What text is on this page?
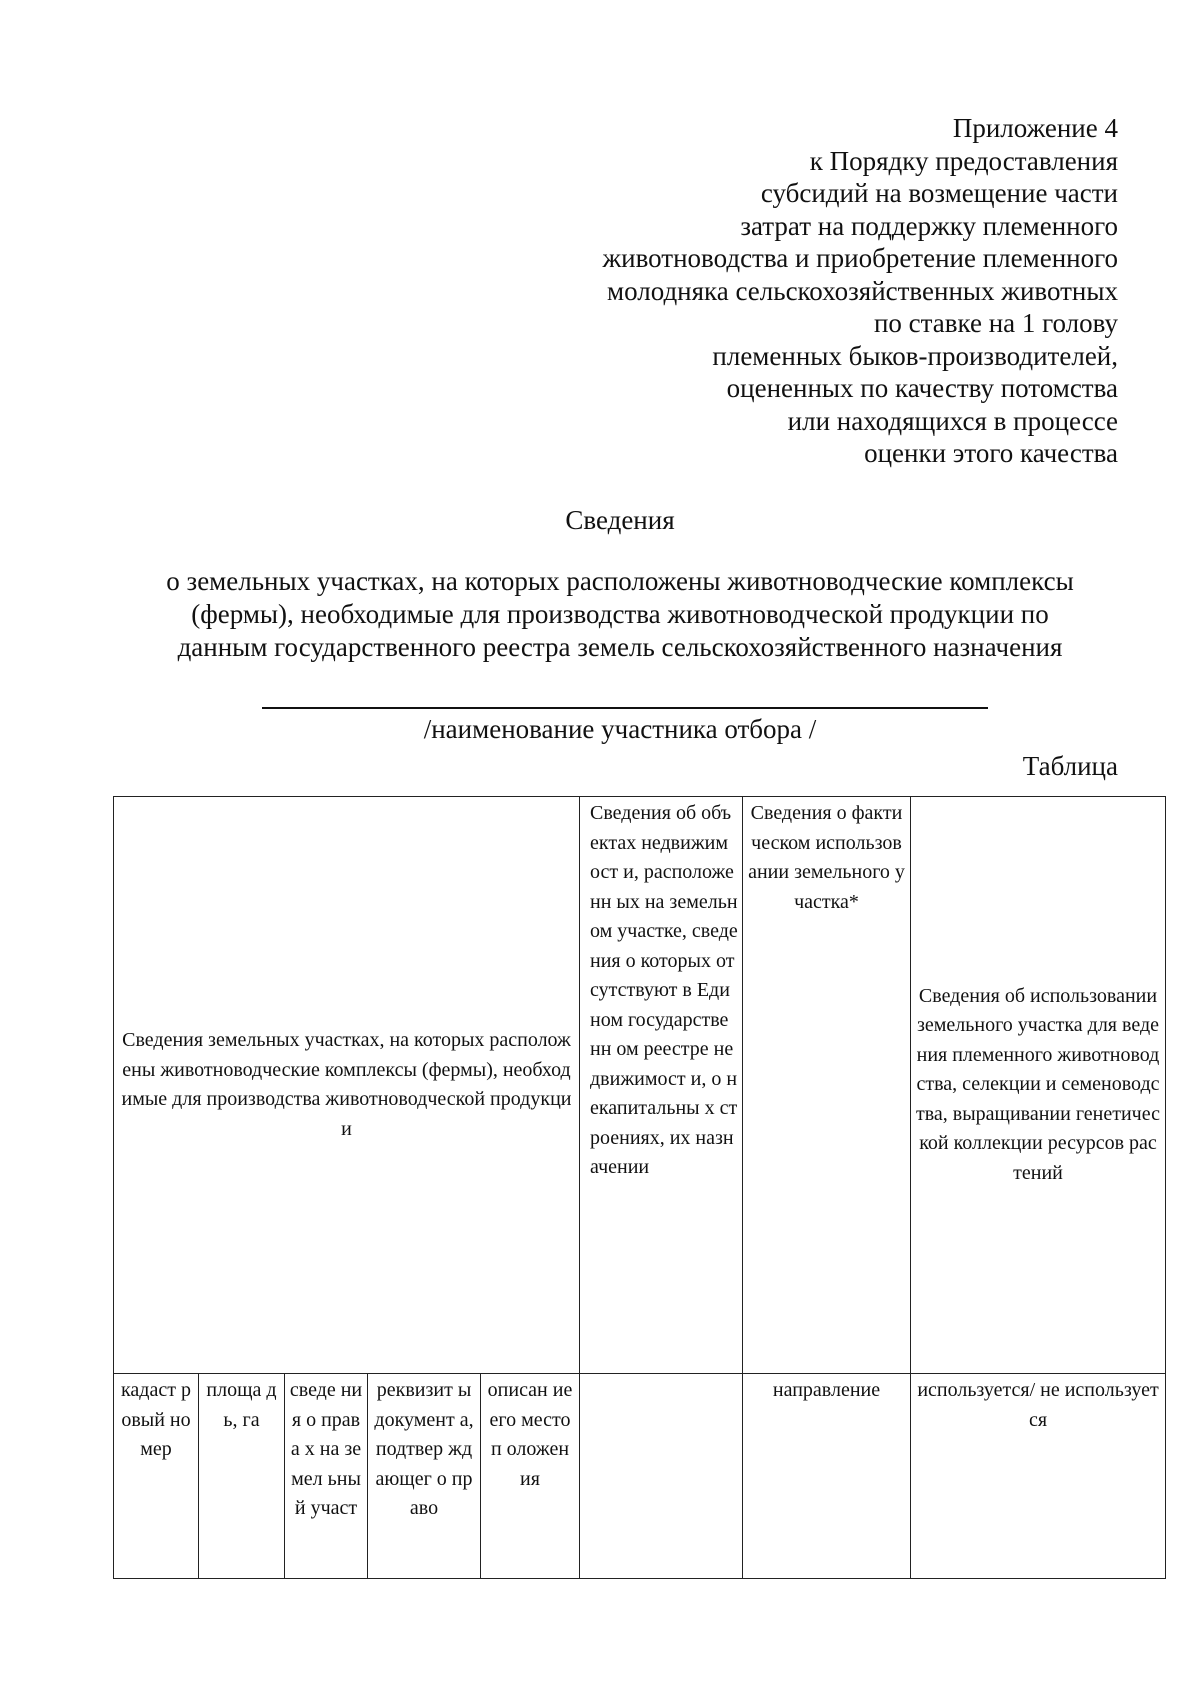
Приложение 4
к Порядку предоставления
субсидий на возмещение части
затрат на поддержку племенного
животноводства и приобретение племенного
молодняка сельскохозяйственных животных
по ставке на 1 голову
племенных быков-производителей,
оцененных по качеству потомства
или находящихся в процессе
оценки этого качества
Сведения
о земельных участках, на которых расположены животноводческие комплексы
(фермы), необходимые для производства животноводческой продукции по
данным государственного реестра земель сельскохозяйственного назначения
/наименование участника отбора /
Таблица
Сведения земельных участках, на которых расположены животноводческие комплексы (фермы), необходимые для производства животноводческой продукции					Сведения об объектах недвижимост и, расположенн ых на земельном участке, сведения о которых отсутствуют в Едином государственн ом реестре недвижимост и, о некапитальны х строениях, их назначении	Сведения о фактическом использовании земельного участка*	Сведения об использовании земельного участка для ведения племенного животноводства, селекции и семеноводства, выращивании генетической коллекции ресурсов растений
кадаст ровый номер	площа дь, га	сведе ния о права х на земел ьный участ	реквизит ы документ а, подтвер ждающег о право	описан ие его местоп оложен ия		направление	используется/ не используется
